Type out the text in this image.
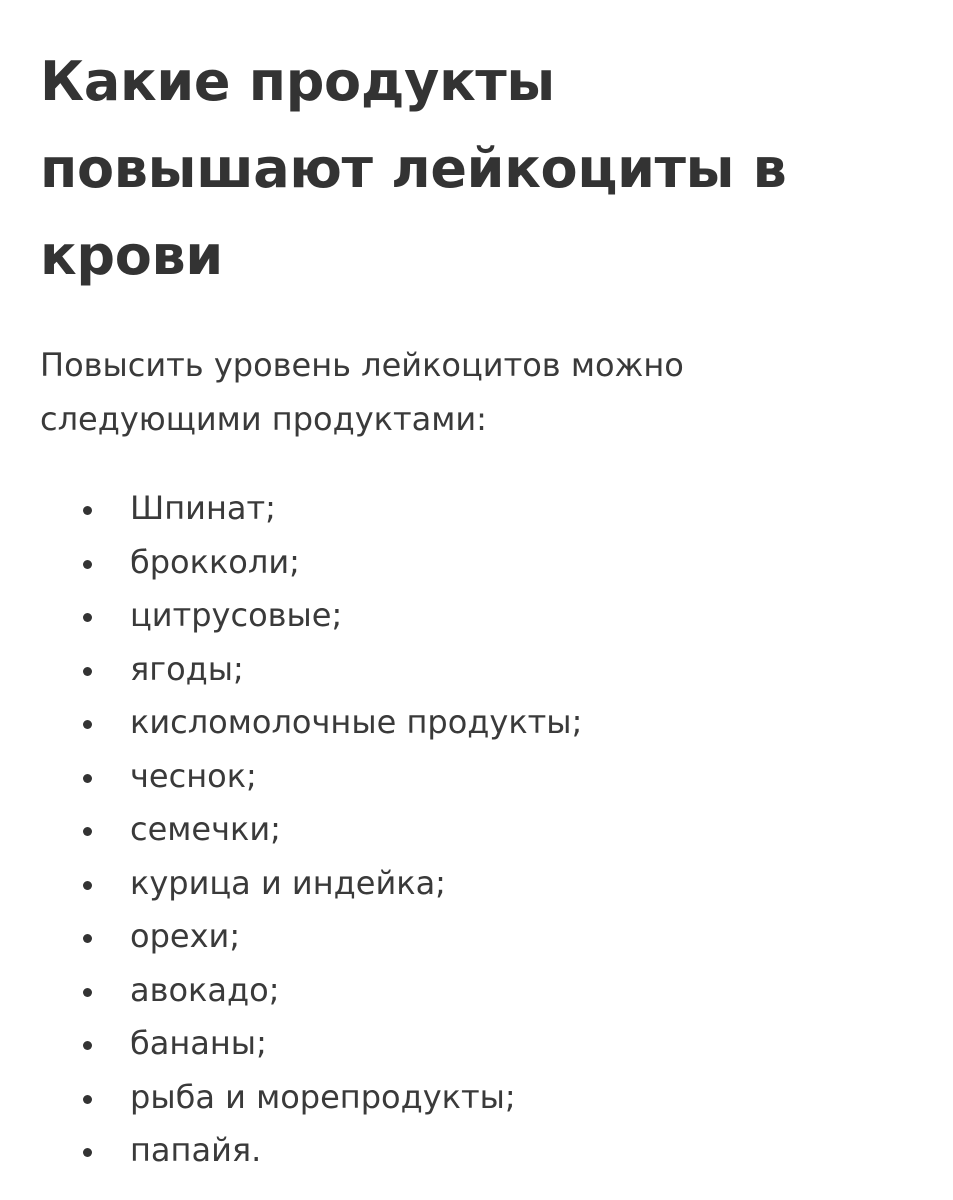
Какие продукты повышают лейкоциты в крови

Повысить уровень лейкоцитов можно следующими продуктами:

Шпинат;
брокколи;
цитрусовые;
ягоды;
кисломолочные продукты;
чеснок;
семечки;
курица и индейка;
орехи;
авокадо;
бананы;
рыба и морепродукты;
папайя.
